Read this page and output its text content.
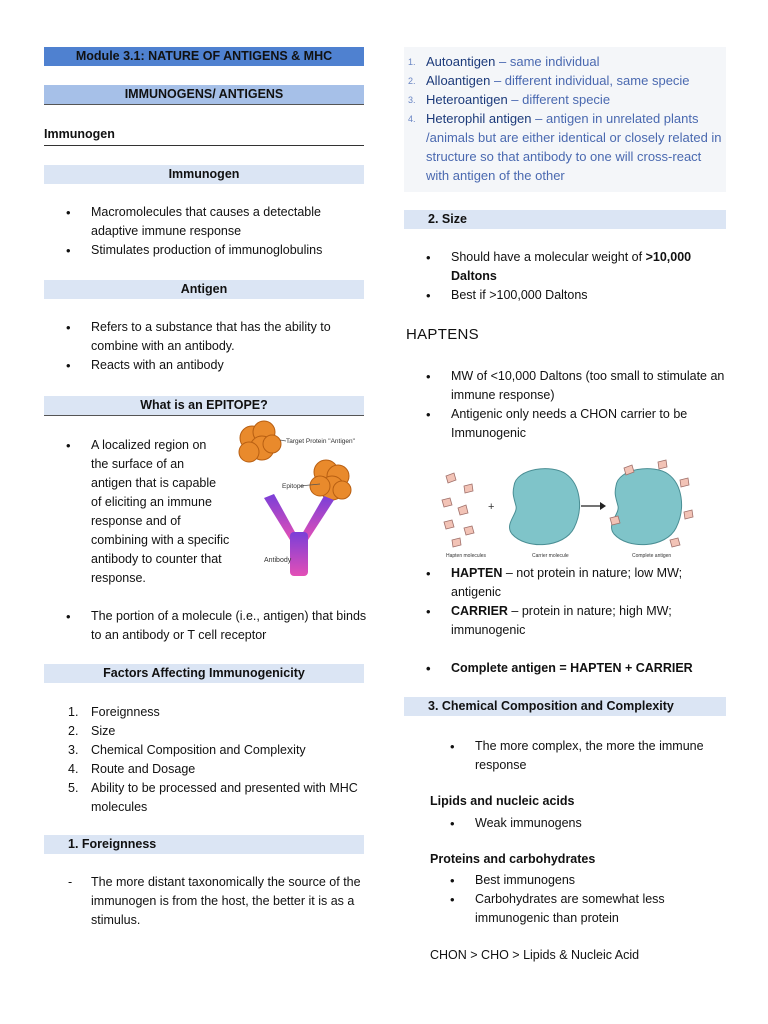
Module 3.1: NATURE OF ANTIGENS & MHC
IMMUNOGENS/ ANTIGENS
Immunogen
Immunogen
• Macromolecules that causes a detectable adaptive immune response
• Stimulates production of immunoglobulins
Antigen
• Refers to a substance that has the ability to combine with an antibody.
• Reacts with an antibody
What is an EPITOPE?
• A localized region on
the surface of an
antigen that is capable
of eliciting an immune
response and of
combining with a specific
antibody to counter that
response.
Target Protein "Antigen"
Epitope
Antibody
• The portion of a molecule (i.e., antigen) that binds to an antibody or T cell receptor
Factors Affecting Immunogenicity
1. Foreignness
2. Size
3. Chemical Composition and Complexity
4. Route and Dosage
5. Ability to be processed and presented with MHC molecules
1. Foreignness
- The more distant taxonomically the source of the immunogen is from the host, the better it is as a stimulus.
1. Autoantigen – same individual
2. Alloantigen – different individual, same specie
3. Heteroantigen – different specie
4. Heterophil antigen – antigen in unrelated plants /animals but are either identical or closely related in structure so that antibody to one will cross-react with antigen of the other
2. Size
• Should have a molecular weight of >10,000 Daltons
• Best if >100,000 Daltons
HAPTENS
• MW of <10,000 Daltons (too small to stimulate an immune response)
• Antigenic only needs a CHON carrier to be Immunogenic
+
Hapten molecules	Carrier molecule	Complete antigen
• HAPTEN – not protein in nature; low MW; antigenic
• CARRIER – protein in nature; high MW; immunogenic
• Complete antigen = HAPTEN + CARRIER
3. Chemical Composition and Complexity
• The more complex, the more the immune response
Lipids and nucleic acids
• Weak immunogens
Proteins and carbohydrates
• Best immunogens
• Carbohydrates are somewhat less immunogenic than protein
CHON > CHO > Lipids & Nucleic Acid
